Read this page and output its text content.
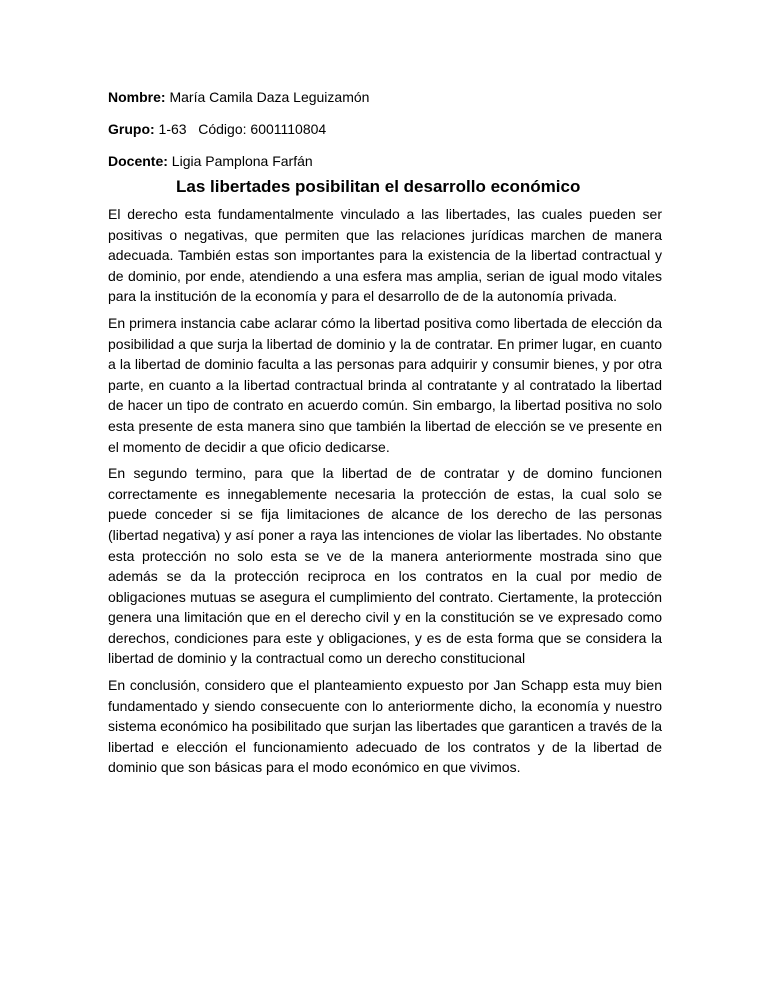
Nombre: María Camila Daza Leguizamón

Grupo: 1-63 Código: 6001110804

Docente: Ligia Pamplona Farfán

Las libertades posibilitan el desarrollo económico

El derecho esta fundamentalmente vinculado a las libertades, las cuales pueden ser positivas o negativas, que permiten que las relaciones jurídicas marchen de manera adecuada. También estas son importantes para la existencia de la libertad contractual y de dominio, por ende, atendiendo a una esfera mas amplia, serian de igual modo vitales para la institución de la economía y para el desarrollo de de la autonomía privada.

En primera instancia cabe aclarar cómo la libertad positiva como libertada de elección da posibilidad a que surja la libertad de dominio y la de contratar. En primer lugar, en cuanto a la libertad de dominio faculta a las personas para adquirir y consumir bienes, y por otra parte, en cuanto a la libertad contractual brinda al contratante y al contratado la libertad de hacer un tipo de contrato en acuerdo común. Sin embargo, la libertad positiva no solo esta presente de esta manera sino que también la libertad de elección se ve presente en el momento de decidir a que oficio dedicarse.

En segundo termino, para que la libertad de de contratar y de domino funcionen correctamente es innegablemente necesaria la protección de estas, la cual solo se puede conceder si se fija limitaciones de alcance de los derecho de las personas (libertad negativa) y así poner a raya las intenciones de violar las libertades. No obstante esta protección no solo esta se ve de la manera anteriormente mostrada sino que además se da la protección reciproca en los contratos en la cual por medio de obligaciones mutuas se asegura el cumplimiento del contrato. Ciertamente, la protección genera una limitación que en el derecho civil y en la constitución se ve expresado como derechos, condiciones para este y obligaciones, y es de esta forma que se considera la libertad de dominio y la contractual como un derecho constitucional

En conclusión, considero que el planteamiento expuesto por Jan Schapp esta muy bien fundamentado y siendo consecuente con lo anteriormente dicho, la economía y nuestro sistema económico ha posibilitado que surjan las libertades que garanticen a través de la libertad e elección el funcionamiento adecuado de los contratos y de la libertad de dominio que son básicas para el modo económico en que vivimos.
